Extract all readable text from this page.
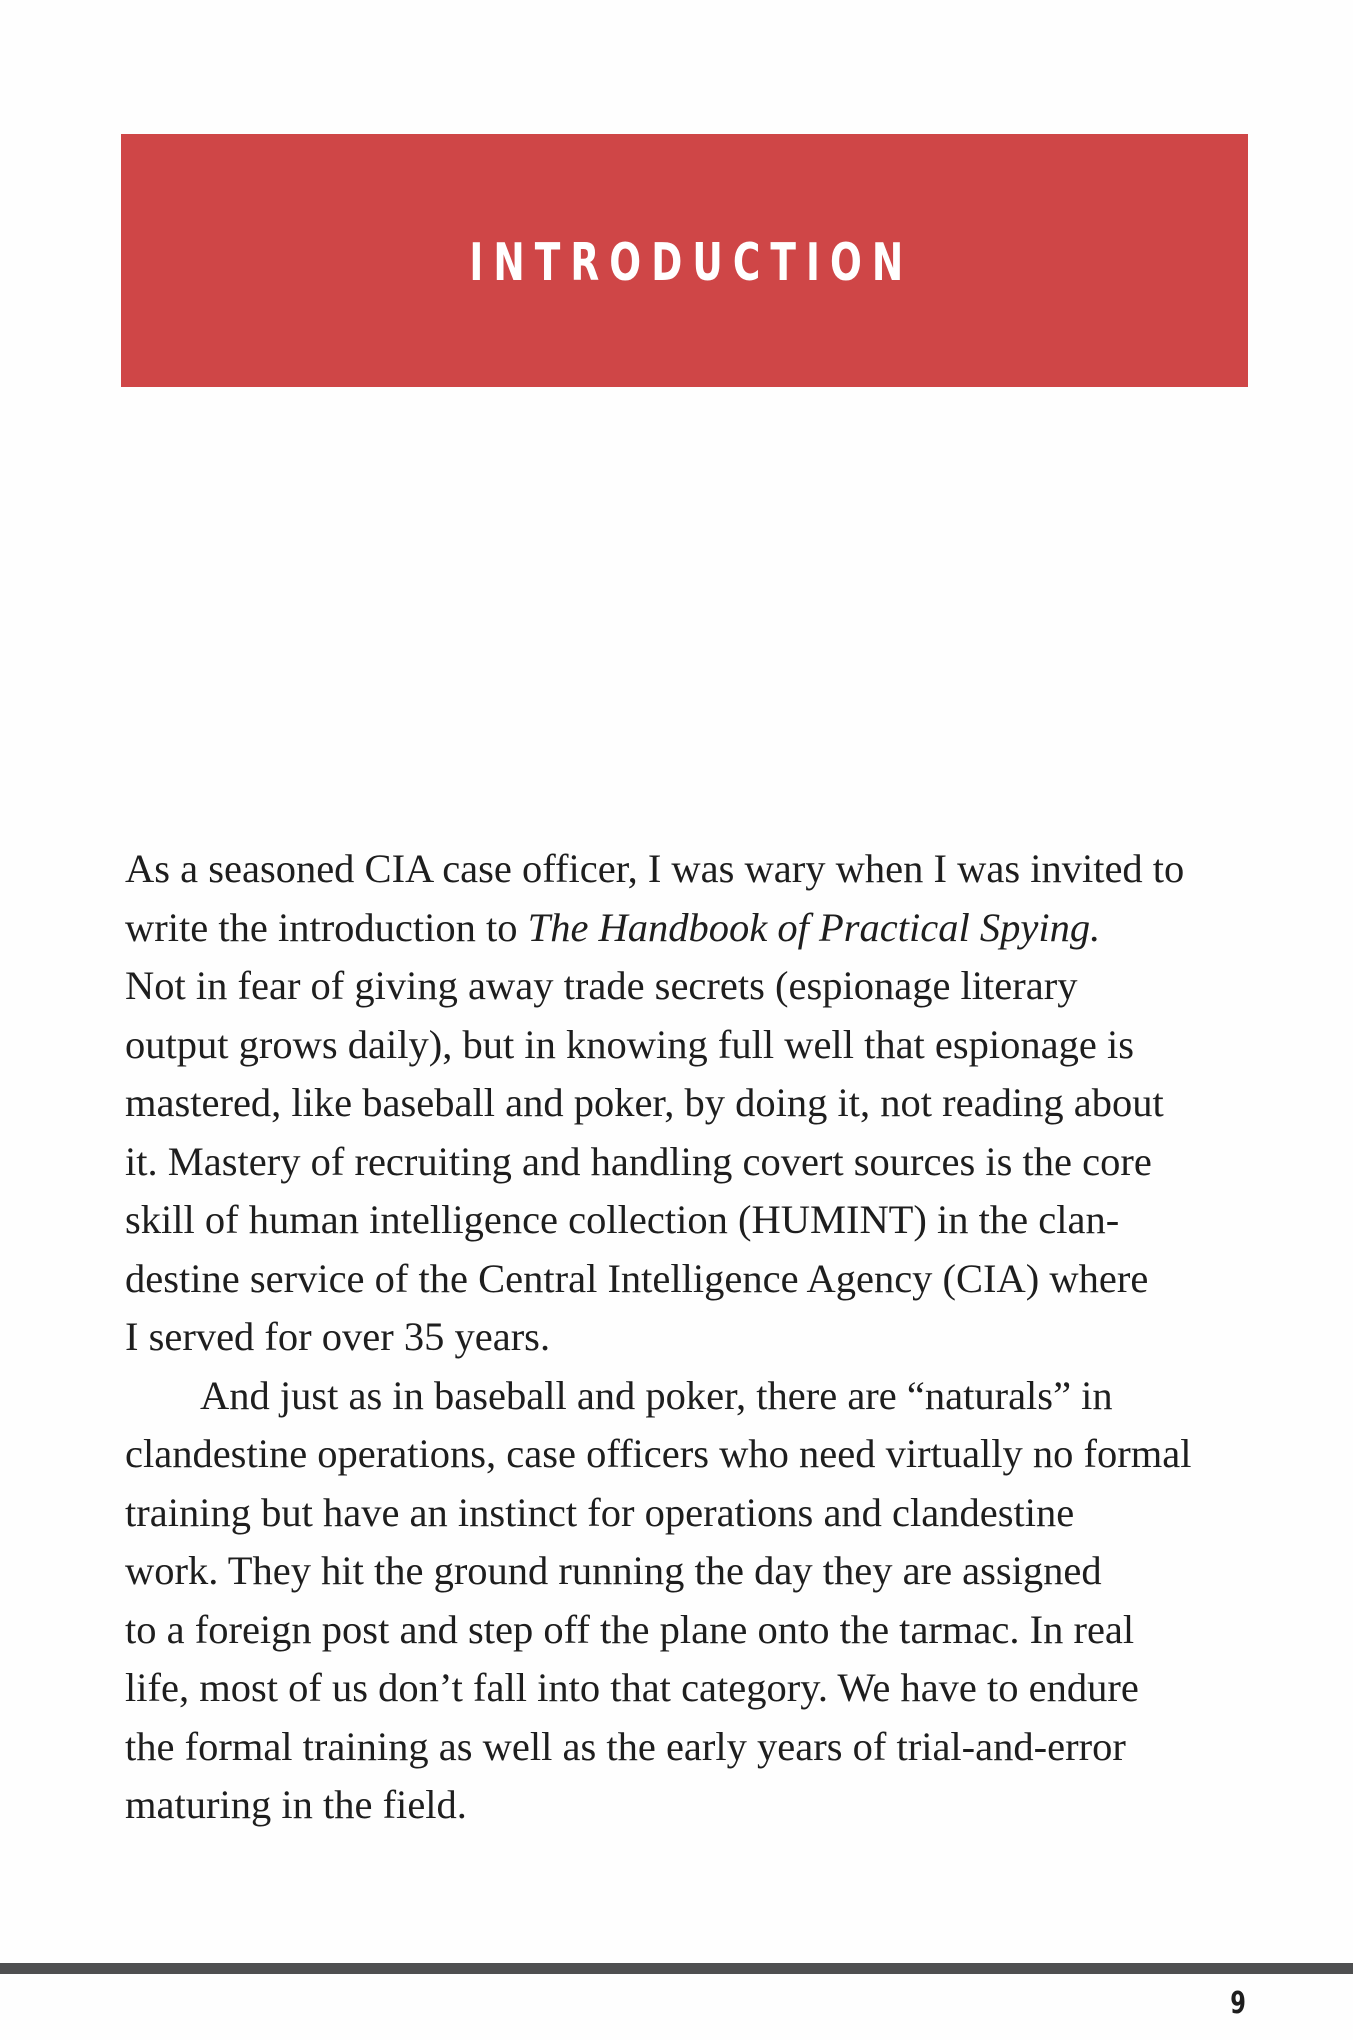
INTRODUCTION
As a seasoned CIA case officer, I was wary when I was invited to
write the introduction to The Handbook of Practical Spying.
Not in fear of giving away trade secrets (espionage literary
output grows daily), but in knowing full well that espionage is
mastered, like baseball and poker, by doing it, not reading about
it. Mastery of recruiting and handling covert sources is the core
skill of human intelligence collection (HUMINT) in the clan-
destine service of the Central Intelligence Agency (CIA) where
I served for over 35 years.
And just as in baseball and poker, there are “naturals” in
clandestine operations, case officers who need virtually no formal
training but have an instinct for operations and clandestine
work. They hit the ground running the day they are assigned
to a foreign post and step off the plane onto the tarmac. In real
life, most of us don’t fall into that category. We have to endure
the formal training as well as the early years of trial-and-error
maturing in the field.
9
